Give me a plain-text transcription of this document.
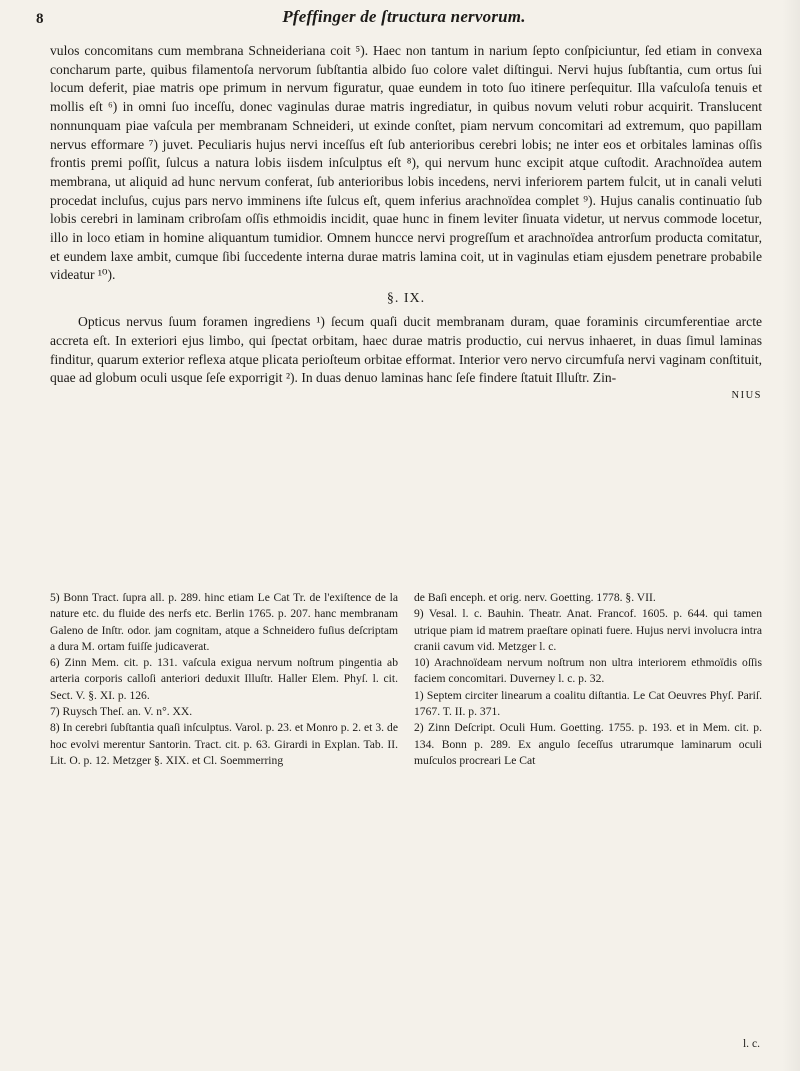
8	Pfeffinger de ſtructura nervorum.

vulos concomitans cum membrana Schneideriana coit ⁵). Haec non tantum in narium ſepto conſpiciuntur, ſed etiam in convexa concharum parte, quibus filamentoſa nervorum ſubſtantia albido ſuo colore valet diſtingui. Nervi hujus ſubſtantia, cum ortus ſui locum deferit, piae matris ope primum in nervum figuratur, quae eundem in toto ſuo itinere perſequitur. Illa vaſculoſa tenuis et mollis eſt ⁶) in omni ſuo inceſſu, donec vaginulas durae matris ingrediatur, in quibus novum veluti robur acquirit. Translucent nonnunquam piae vaſcula per membranam Schneideri, ut exinde conſtet, piam nervum concomitari ad extremum, quo papillam nervus efformare ⁷) juvet. Peculiaris hujus nervi inceſſus eſt ſub anterioribus cerebri lobis; ne inter eos et orbitales laminas oſſis frontis premi poſſit, ſulcus a natura lobis iisdem inſculptus eſt ⁸), qui nervum hunc excipit atque cuſtodit. Arachnoïdea autem membrana, ut aliquid ad hunc nervum conferat, ſub anterioribus lobis incedens, nervi inferiorem partem fulcit, ut in canali veluti procedat incluſus, cujus pars nervo imminens iſte ſulcus eſt, quem inferius arachnoïdea complet ⁹). Hujus canalis continuatio ſub lobis cerebri in laminam cribroſam oſſis ethmoidis incidit, quae hunc in finem leviter ſinuata videtur, ut nervus commode locetur, illo in loco etiam in homine aliquantum tumidior. Omnem huncce nervi progreſſum et arachnoïdea antrorſum producta comitatur, et eundem laxe ambit, cumque ſibi ſuccedente interna durae matris lamina coit, ut in vaginulas etiam ejusdem penetrare probabile videatur ¹⁰).

§. IX.

Opticus nervus ſuum foramen ingrediens ¹) ſecum quaſi ducit membranam duram, quae foraminis circumferentiae arcte accreta eſt. In exteriori ejus limbo, qui ſpectat orbitam, haec durae matris productio, cui nervus inhaeret, in duas ſimul laminas finditur, quarum exterior reflexa atque plicata perioſteum orbitae efformat. Interior vero nervo circumfuſa nervi vaginam conſtituit, quae ad globum oculi usque ſeſe exporrigit ²). In duas denuo laminas hanc ſeſe findere ſtatuit Illuſtr. Zin-

NIUS

5) Bonn Tract. ſupra all. p. 289. hinc etiam Le Cat Tr. de l'exiſtence de la nature etc. du fluide des nerfs etc. Berlin 1765. p. 207. hanc membranam Galeno de Inſtr. odor. jam cognitam, atque a Schneidero fuſius deſcriptam a dura M. ortam fuiſſe judicaverat.

6) Zinn Mem. cit. p. 131. vaſcula exigua nervum noſtrum pingentia ab arteria corporis calloſi anteriori deduxit Illuſtr. Haller Elem. Phyſ. l. cit. Sect. V. §. XI. p. 126.

7) Ruysch Theſ. an. V. n°. XX.

8) In cerebri ſubſtantia quaſi inſculptus. Varol. p. 23. et Monro p. 2. et 3. de hoc evolvi merentur Santorin. Tract. cit. p. 63. Girardi in Explan. Tab. II. Lit. O. p. 12. Metzger §. XIX. et Cl. Soemmerring

de Baſi enceph. et orig. nerv. Goetting. 1778. §. VII.

9) Vesal. l. c. Bauhin. Theatr. Anat. Francof. 1605. p. 644. qui tamen utrique piam id matrem praeſtare opinati fuere. Hujus nervi involucra intra cranii cavum vid. Metzger l. c.

10) Arachnoïdeam nervum noſtrum non ultra interiorem ethmoïdis oſſis faciem concomitari. Duverney l. c. p. 32.

1) Septem circiter linearum a coalitu diſtantia. Le Cat Oeuvres Phyſ. Pariſ. 1767. T. II. p. 371.

2) Zinn Deſcript. Oculi Hum. Goetting. 1755. p. 193. et in Mem. cit. p. 134. Bonn p. 289. Ex angulo ſeceſſus utrarumque laminarum oculi muſculos procreari Le Cat

l. c.
